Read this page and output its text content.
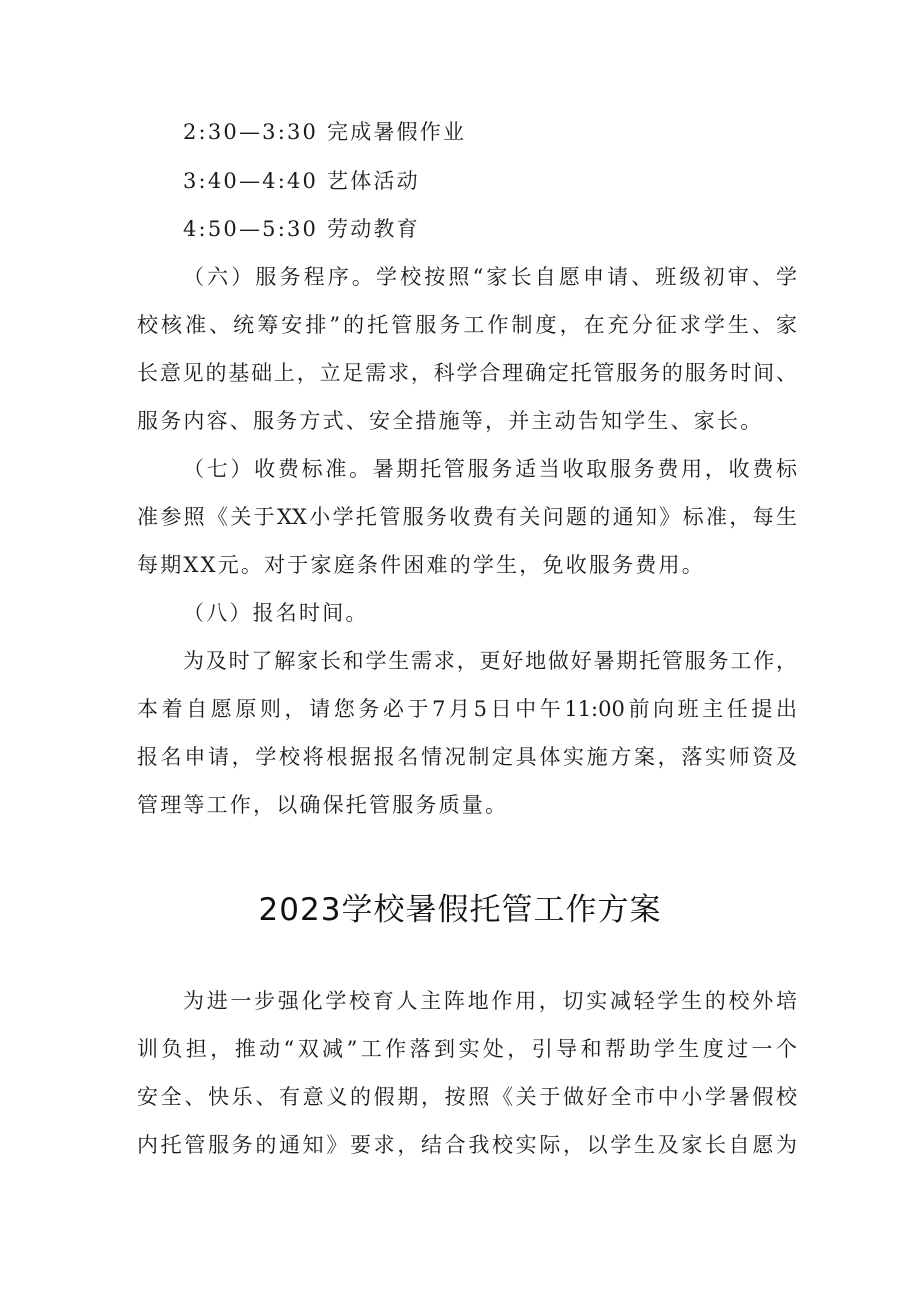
2:30—3:30 完成暑假作业
3:40—4:40 艺体活动
4:50—5:30 劳动教育
（六）服务程序。学校按照“家长自愿申请、班级初审、学
校核准、统筹安排”的托管服务工作制度，在充分征求学生、家
长意见的基础上，立足需求，科学合理确定托管服务的服务时间、
服务内容、服务方式、安全措施等，并主动告知学生、家长。
（七）收费标准。暑期托管服务适当收取服务费用，收费标
准参照《关于XX小学托管服务收费有关问题的通知》标准，每生
每期XX元。对于家庭条件困难的学生，免收服务费用。
（八）报名时间。
为及时了解家长和学生需求，更好地做好暑期托管服务工作，
本着自愿原则，请您务必于7月5日中午11:00前向班主任提出
报名申请，学校将根据报名情况制定具体实施方案，落实师资及
管理等工作，以确保托管服务质量。
2023学校暑假托管工作方案
为进一步强化学校育人主阵地作用，切实减轻学生的校外培
训负担，推动“双减”工作落到实处，引导和帮助学生度过一个
安全、快乐、有意义的假期，按照《关于做好全市中小学暑假校
内托管服务的通知》要求，结合我校实际，以学生及家长自愿为
